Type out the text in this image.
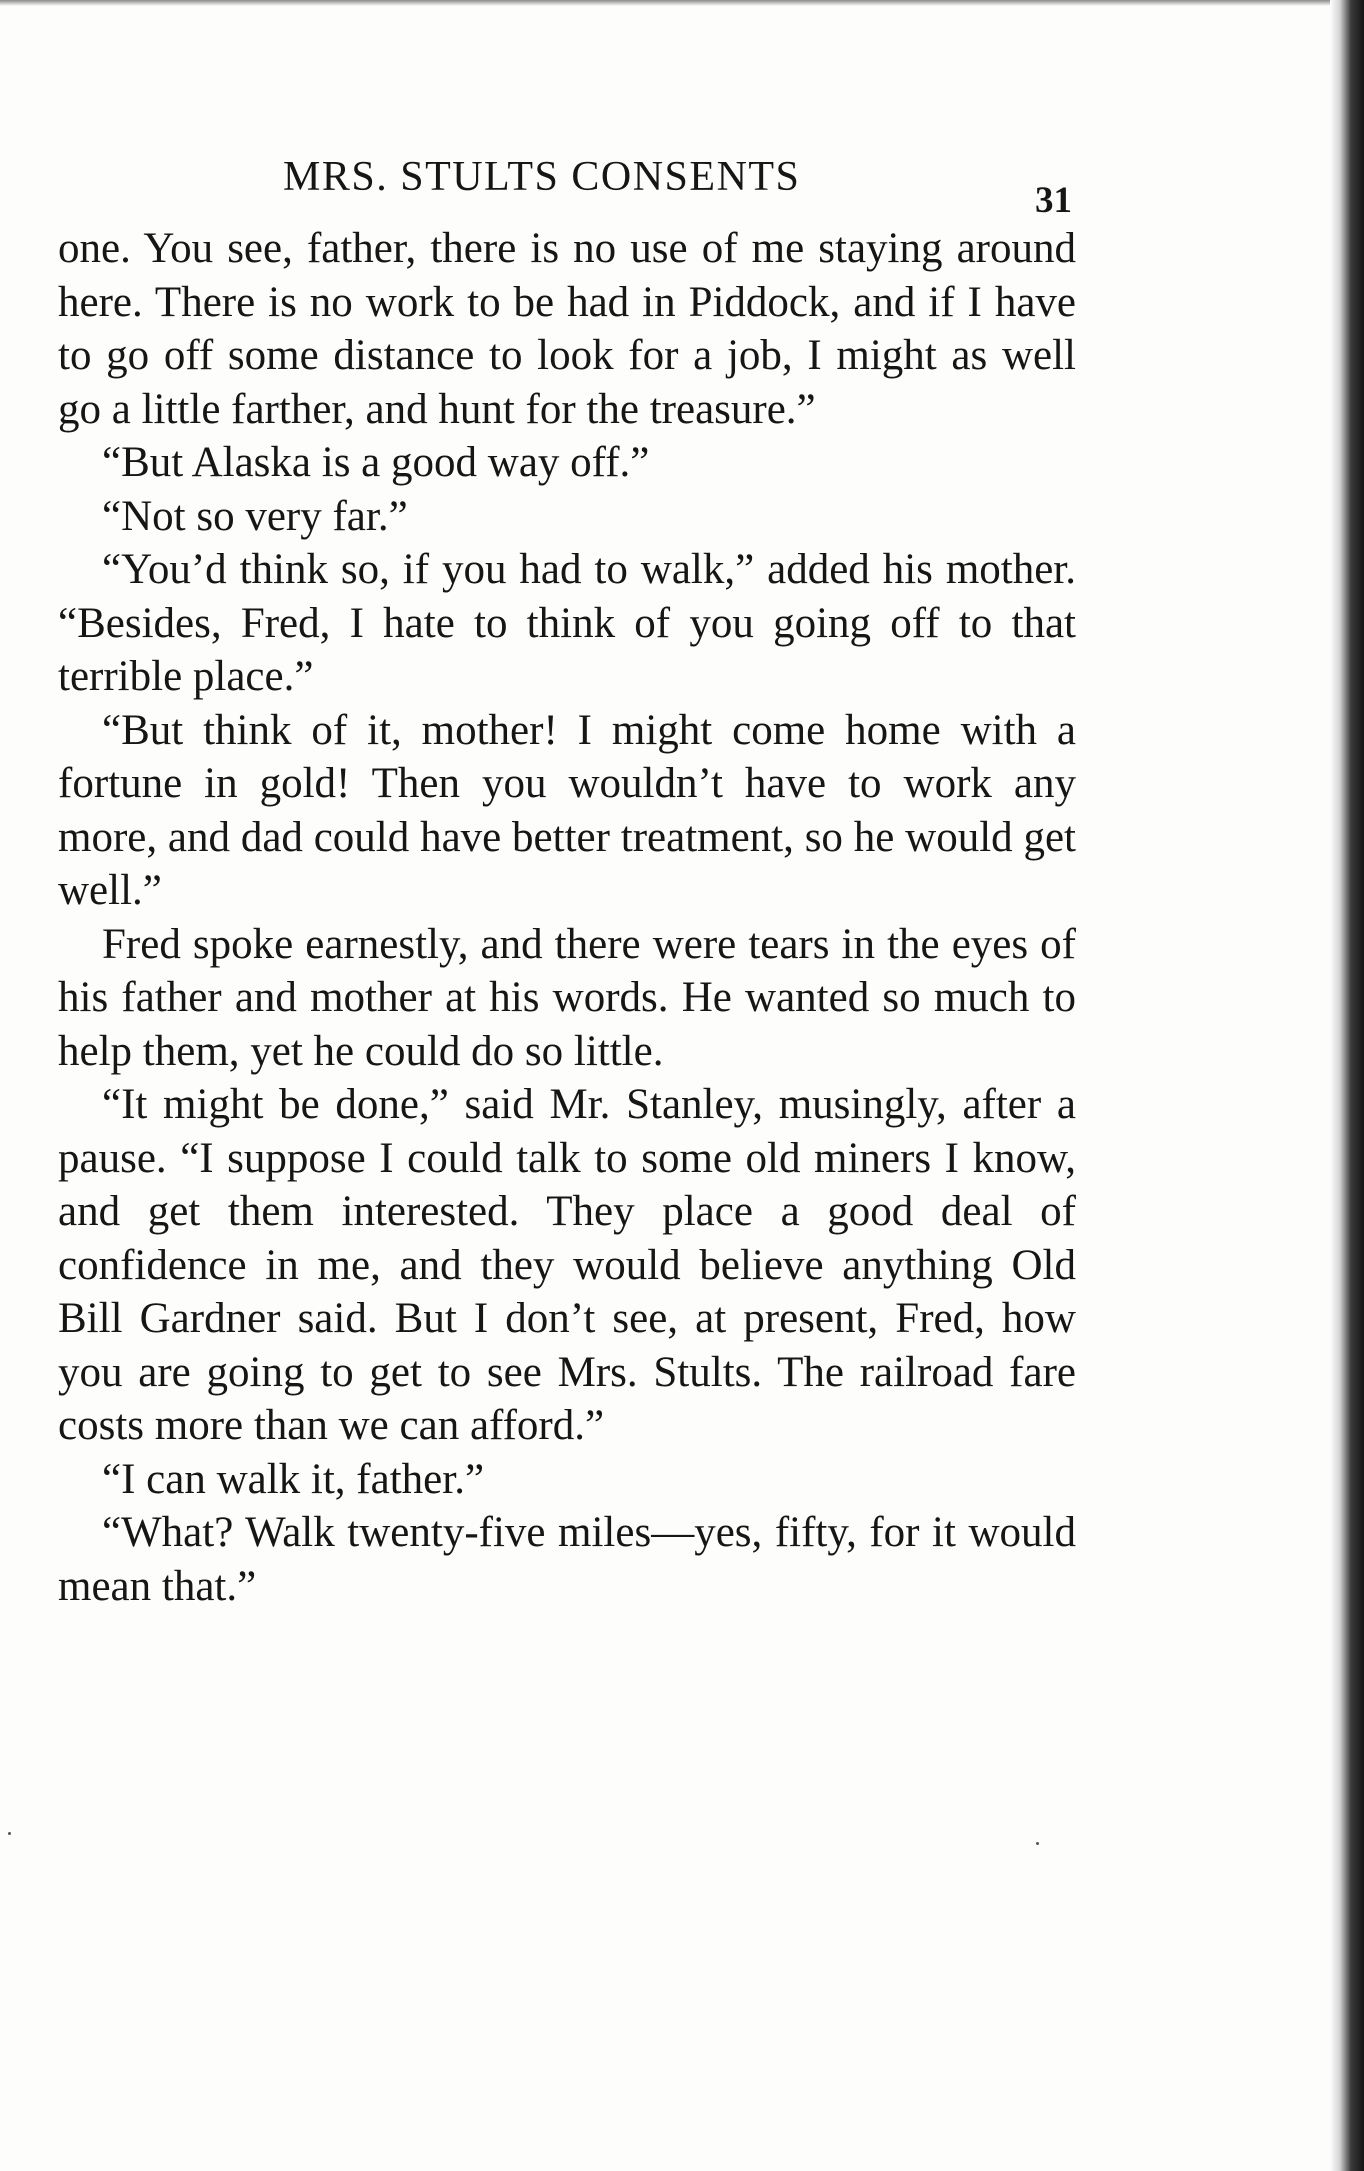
MRS. STULTS CONSENTS
31

one. You see, father, there is no use of me staying around here. There is no work to be had in Piddock, and if I have to go off some distance to look for a job, I might as well go a little farther, and hunt for the treasure.”

“But Alaska is a good way off.”

“Not so very far.”

“You’d think so, if you had to walk,” added his mother. “Besides, Fred, I hate to think of you going off to that terrible place.”

“But think of it, mother! I might come home with a fortune in gold! Then you wouldn’t have to work any more, and dad could have better treatment, so he would get well.”

Fred spoke earnestly, and there were tears in the eyes of his father and mother at his words. He wanted so much to help them, yet he could do so little.

“It might be done,” said Mr. Stanley, musingly, after a pause. “I suppose I could talk to some old miners I know, and get them interested. They place a good deal of confidence in me, and they would believe anything Old Bill Gardner said. But I don’t see, at present, Fred, how you are going to get to see Mrs. Stults. The railroad fare costs more than we can afford.”

“I can walk it, father.”

“What? Walk twenty-five miles—yes, fifty, for it would mean that.”
